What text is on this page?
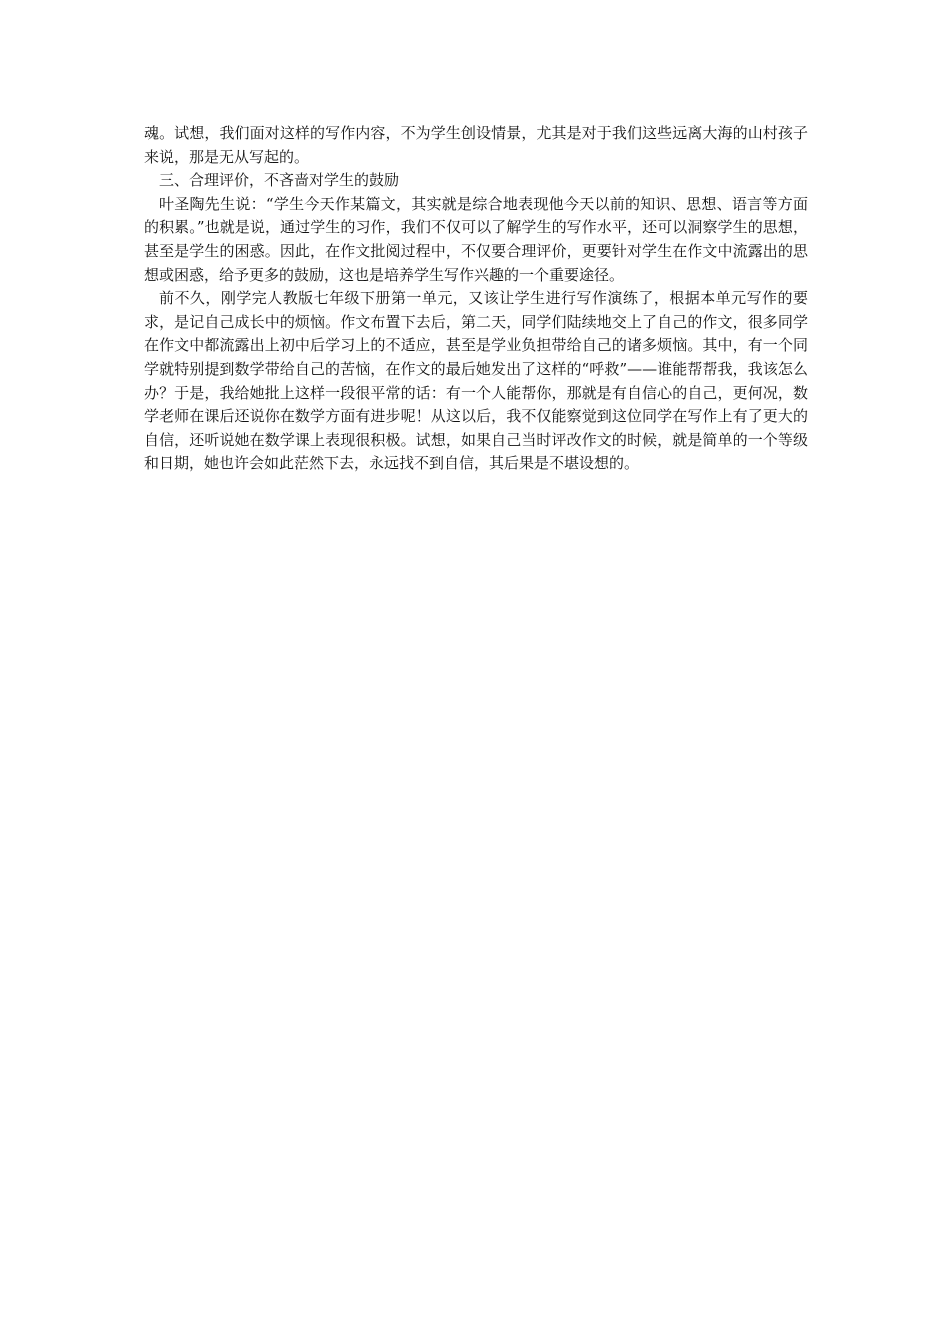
魂。试想，我们面对这样的写作内容，不为学生创设情景，尤其是对于我们这些远离大海的山村孩子来说，那是无从写起的。

三、合理评价，不吝啬对学生的鼓励

叶圣陶先生说：“学生今天作某篇文，其实就是综合地表现他今天以前的知识、思想、语言等方面的积累。”也就是说，通过学生的习作，我们不仅可以了解学生的写作水平，还可以洞察学生的思想，甚至是学生的困惑。因此，在作文批阅过程中，不仅要合理评价，更要针对学生在作文中流露出的思想或困惑，给予更多的鼓励，这也是培养学生写作兴趣的一个重要途径。

前不久，刚学完人教版七年级下册第一单元，又该让学生进行写作演练了，根据本单元写作的要求，是记自己成长中的烦恼。作文布置下去后，第二天，同学们陆续地交上了自己的作文，很多同学在作文中都流露出上初中后学习上的不适应，甚至是学业负担带给自己的诸多烦恼。其中，有一个同学就特别提到数学带给自己的苦恼，在作文的最后她发出了这样的“呼救”——谁能帮帮我，我该怎么办？于是，我给她批上这样一段很平常的话：有一个人能帮你，那就是有自信心的自己，更何况，数学老师在课后还说你在数学方面有进步呢！从这以后，我不仅能察觉到这位同学在写作上有了更大的自信，还听说她在数学课上表现很积极。试想，如果自己当时评改作文的时候，就是简单的一个等级和日期，她也许会如此茫然下去，永远找不到自信，其后果是不堪设想的。
